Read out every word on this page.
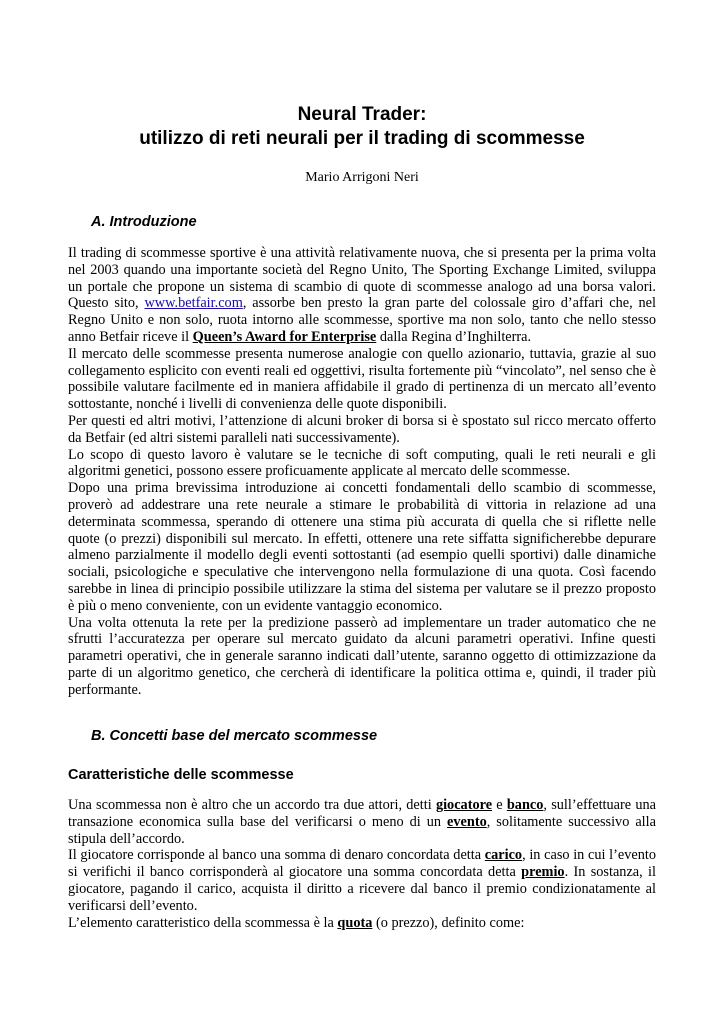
Neural Trader:
utilizzo di reti neurali per il trading di scommesse
Mario Arrigoni Neri
A. Introduzione

Il trading di scommesse sportive è una attività relativamente nuova, che si presenta per la prima volta nel 2003 quando una importante società del Regno Unito, The Sporting Exchange Limited, sviluppa un portale che propone un sistema di scambio di quote di scommesse analogo ad una borsa valori. Questo sito, www.betfair.com, assorbe ben presto la gran parte del colossale giro d’affari che, nel Regno Unito e non solo, ruota intorno alle scommesse, sportive ma non solo, tanto che nello stesso anno Betfair riceve il Queen’s Award for Enterprise dalla Regina d’Inghilterra.

Il mercato delle scommesse presenta numerose analogie con quello azionario, tuttavia, grazie al suo collegamento esplicito con eventi reali ed oggettivi, risulta fortemente più “vincolato”, nel senso che è possibile valutare facilmente ed in maniera affidabile il grado di pertinenza di un mercato all’evento sottostante, nonché i livelli di convenienza delle quote disponibili.

Per questi ed altri motivi, l’attenzione di alcuni broker di borsa si è spostato sul ricco mercato offerto da Betfair (ed altri sistemi paralleli nati successivamente).

Lo scopo di questo lavoro è valutare se le tecniche di soft computing, quali le reti neurali e gli algoritmi genetici, possono essere proficuamente applicate al mercato delle scommesse.

Dopo una prima brevissima introduzione ai concetti fondamentali dello scambio di scommesse, proverò ad addestrare una rete neurale a stimare le probabilità di vittoria in relazione ad una determinata scommessa, sperando di ottenere una stima più accurata di quella che si riflette nelle quote (o prezzi) disponibili sul mercato. In effetti, ottenere una rete siffatta significherebbe depurare almeno parzialmente il modello degli eventi sottostanti (ad esempio quelli sportivi) dalle dinamiche sociali, psicologiche e speculative che intervengono nella formulazione di una quota. Così facendo sarebbe in linea di principio possibile utilizzare la stima del sistema per valutare se il prezzo proposto è più o meno conveniente, con un evidente vantaggio economico.

Una volta ottenuta la rete per la predizione passerò ad implementare un trader automatico che ne sfrutti l’accuratezza per operare sul mercato guidato da alcuni parametri operativi. Infine questi parametri operativi, che in generale saranno indicati dall’utente, saranno oggetto di ottimizzazione da parte di un algoritmo genetico, che cercherà di identificare la politica ottima e, quindi, il trader più performante.

B. Concetti base del mercato scommesse
Caratteristiche delle scommesse

Una scommessa non è altro che un accordo tra due attori, detti giocatore e banco, sull’effettuare una transazione economica sulla base del verificarsi o meno di un evento, solitamente successivo alla stipula dell’accordo.

Il giocatore corrisponde al banco una somma di denaro concordata detta carico, in caso in cui l’evento si verifichi il banco corrisponderà al giocatore una somma concordata detta premio. In sostanza, il giocatore, pagando il carico, acquista il diritto a ricevere dal banco il premio condizionatamente al verificarsi dell’evento.

L’elemento caratteristico della scommessa è la quota (o prezzo), definito come:
